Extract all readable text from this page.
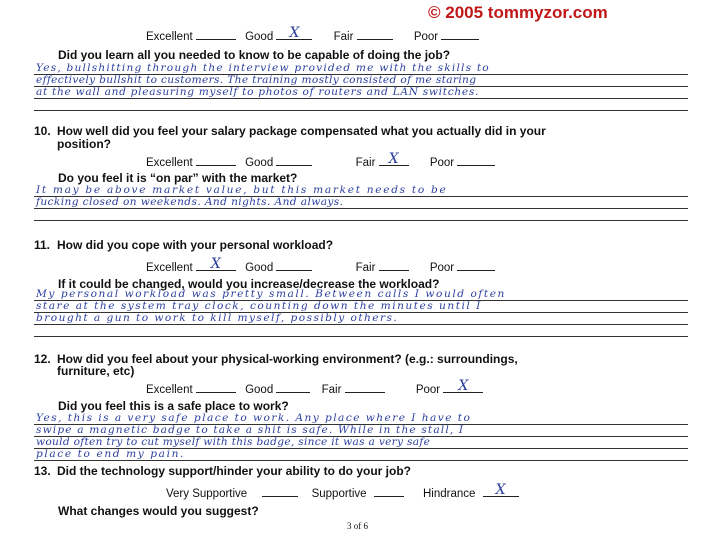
© 2005 tommyzor.com
Excellent	Good	X	Fair	Poor
Did you learn all you needed to know to be capable of doing the job?
Yes, bullshitting through the interview provided me with the skills to
effectively bullshit to customers. The training mostly consisted of me staring
at the wall and pleasuring myself to photos of routers and LAN switches.
10. How well did you feel your salary package compensated what you actually did in your
position?
Excellent	Good	Fair X	Poor
Do you feel it is “on par” with the market?
It may be above market value, but this market needs to be
fucking closed on weekends. And nights. And always.
11. How did you cope with your personal workload?
Excellent	X	Good	Fair	Poor
If it could be changed, would you increase/decrease the workload?
My personal workload was pretty small. Between calls I would often
stare at the system tray clock, counting down the minutes until I
brought a gun to work to kill myself, possibly others.
12. How did you feel about your physical-working environment? (e.g.: surroundings,
furniture, etc)
Excellent	Good	Fair	Poor	X
Did you feel this is a safe place to work?
Yes, this is a very safe place to work. Any place where I have to
swipe a magnetic badge to take a shit is safe. While in the stall, I
would often try to cut myself with this badge, since it was a very safe
place to end my pain.
13. Did the technology support/hinder your ability to do your job?
Very Supportive	Supportive	Hindrance	X
What changes would you suggest?
3 of 6
